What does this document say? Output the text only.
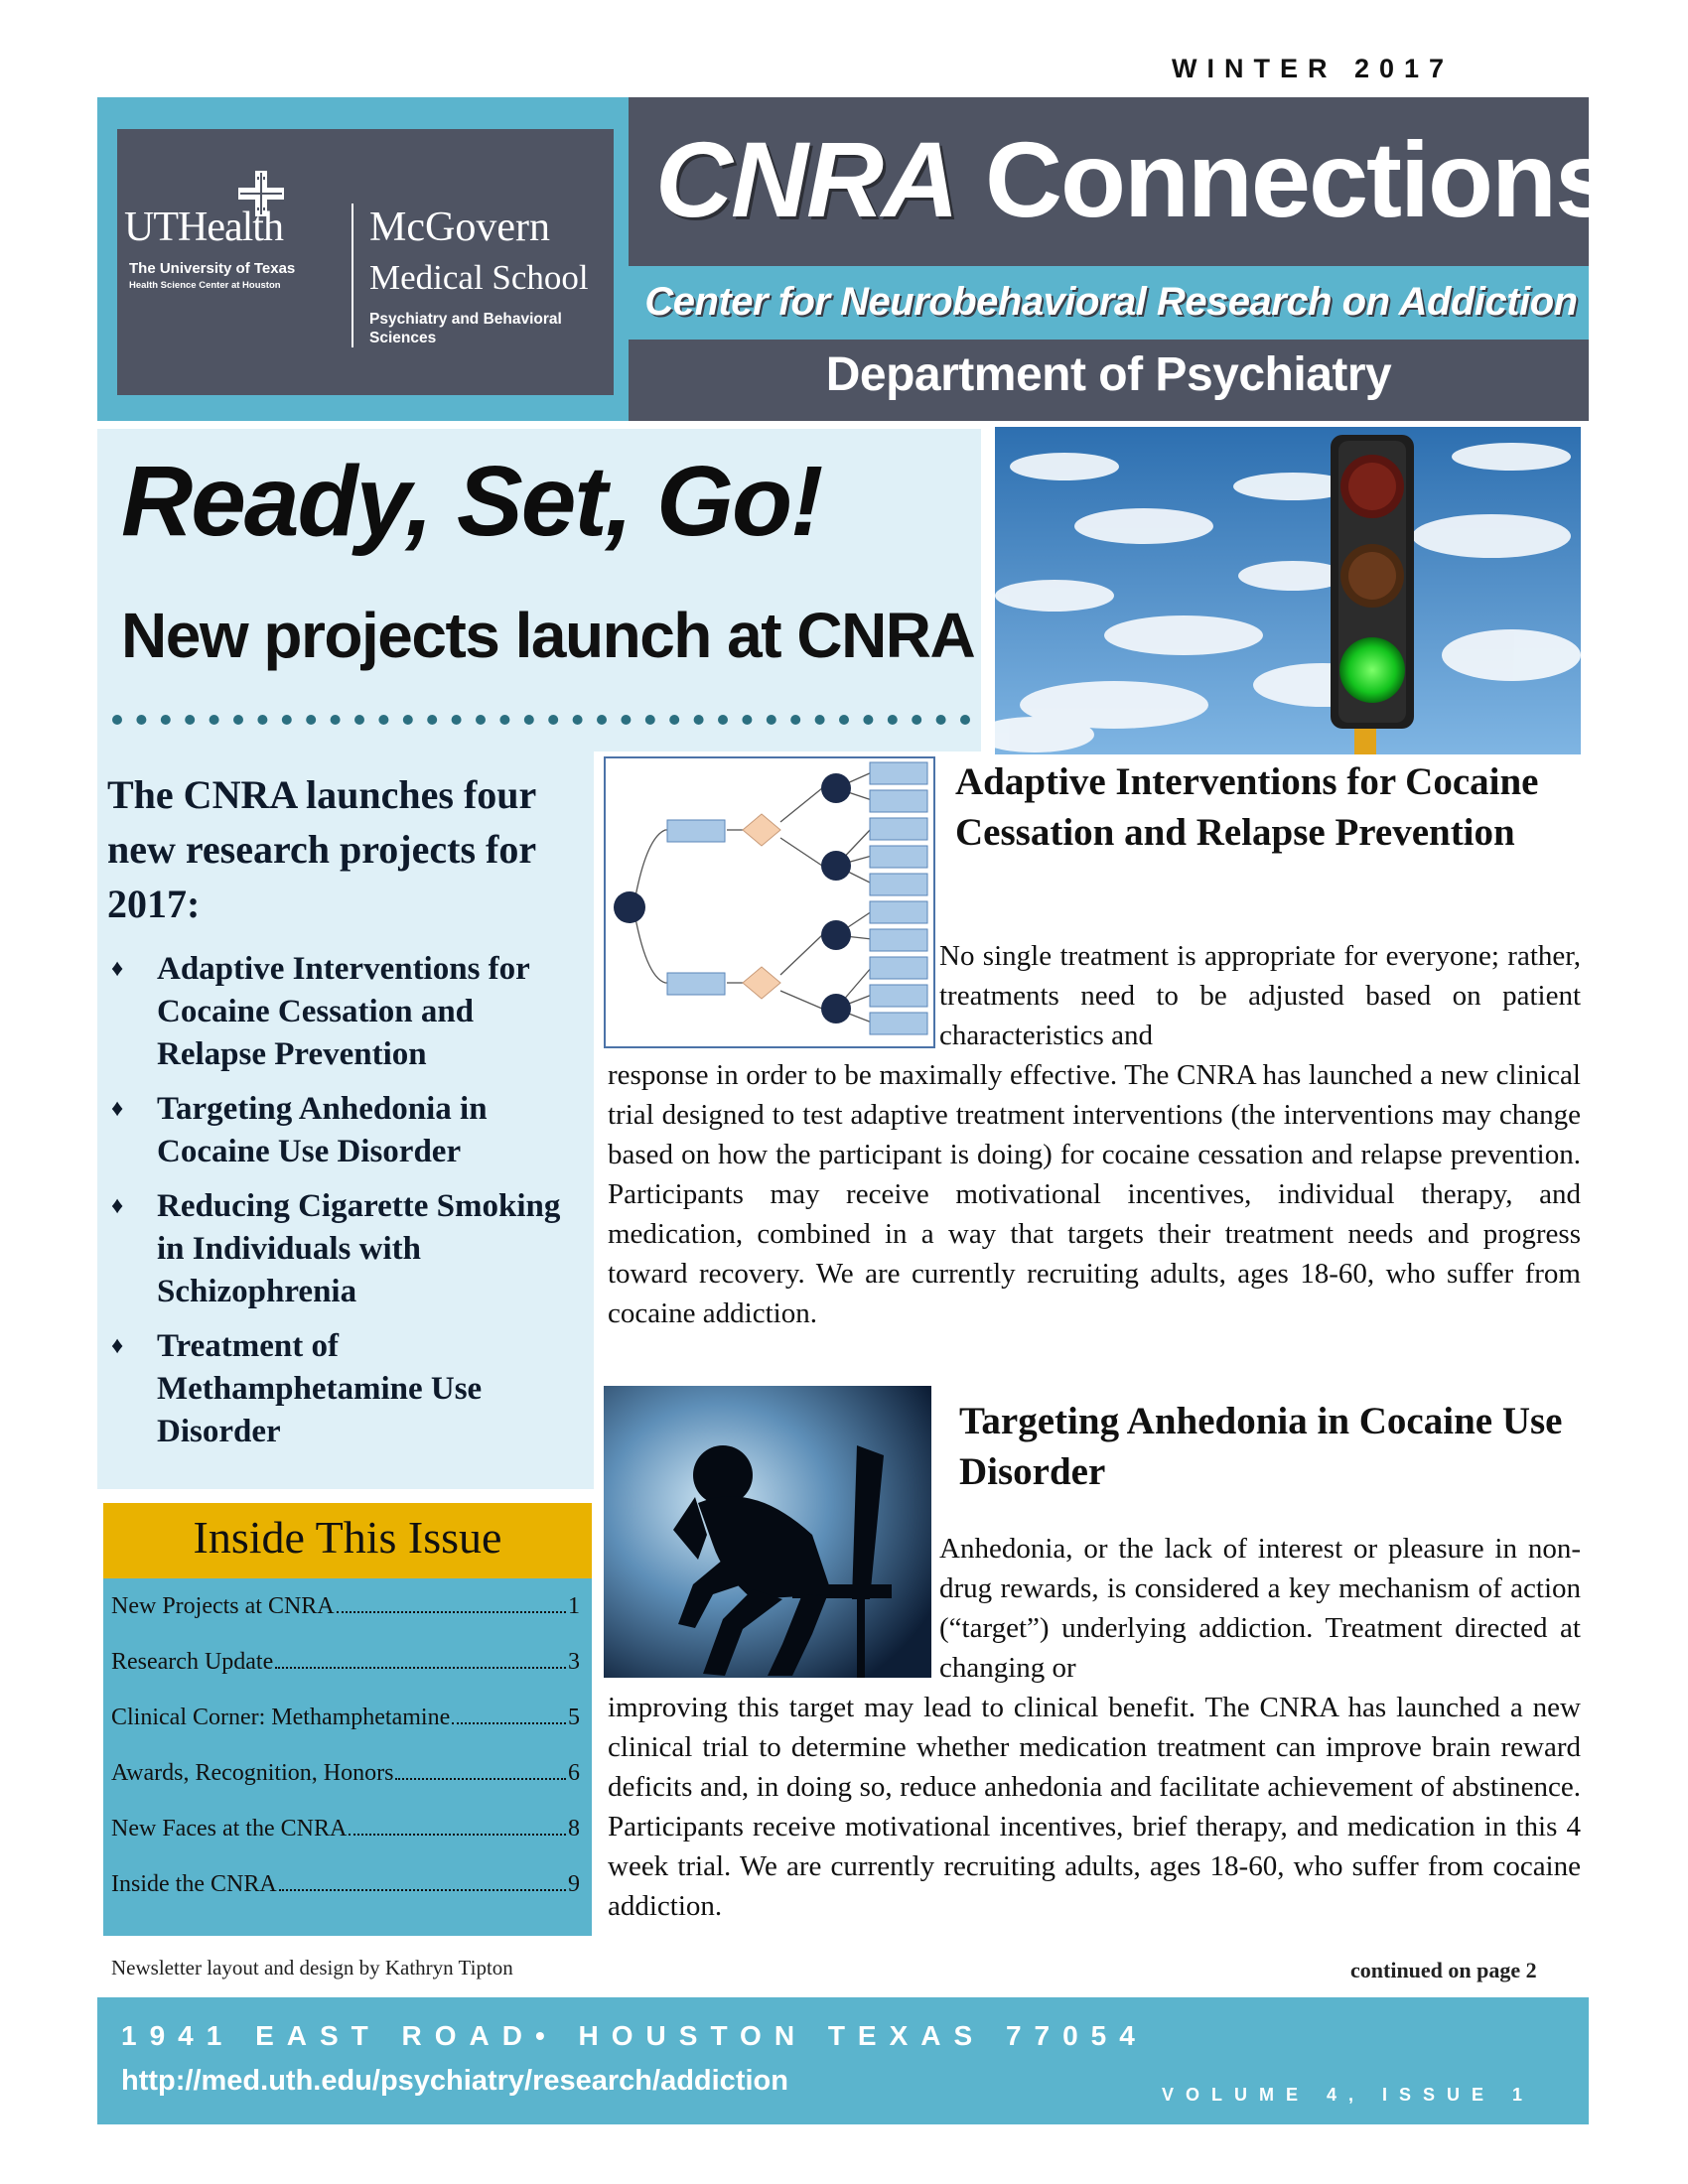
WINTER 2017
UTHealth
The University of Texas
Health Science Center at Houston
McGovern
Medical School
Psychiatry and Behavioral Sciences
CNRA Connections
Center for Neurobehavioral Research on Addiction
Department of Psychiatry
Ready, Set, Go!
New projects launch at CNRA
The CNRA launches four new research projects for 2017:
♦ Adaptive Interventions for Cocaine Cessation and Relapse Prevention
♦ Targeting Anhedonia in Cocaine Use Disorder
♦ Reducing Cigarette Smoking in Individuals with Schizophrenia
♦ Treatment of Methamphetamine Use Disorder
Inside This Issue
New Projects at CNRA	1
Research Update	3
Clinical Corner: Methamphetamine	5
Awards, Recognition, Honors	6
New Faces at the CNRA	8
Inside the CNRA	9
Newsletter layout and design by Kathryn Tipton
Adaptive Interventions for Cocaine Cessation and Relapse Prevention
No single treatment is appropriate for everyone; rather, treatments need to be adjusted based on patient characteristics and
response in order to be maximally effective. The CNRA has launched a new clinical trial designed to test adaptive treatment interventions (the interventions may change based on how the participant is doing) for cocaine cessation and relapse prevention. Participants may receive motivational incentives, individual therapy, and medication, combined in a way that targets their treatment needs and progress toward recovery. We are currently recruiting adults, ages 18-60, who suffer from cocaine addiction.
Targeting Anhedonia in Cocaine Use Disorder
Anhedonia, or the lack of interest or pleasure in non-drug rewards, is considered a key mechanism of action (“target”) underlying addiction. Treatment directed at changing or
improving this target may lead to clinical benefit. The CNRA has launched a new clinical trial to determine whether medication treatment can improve brain reward deficits and, in doing so, reduce anhedonia and facilitate achievement of abstinence. Participants receive motivational incentives, brief therapy, and medication in this 4 week trial. We are currently recruiting adults, ages 18-60, who suffer from cocaine addiction.
continued on page 2
1941 EAST ROAD• HOUSTON TEXAS 77054
http://med.uth.edu/psychiatry/research/addiction	VOLUME 4, ISSUE 1
